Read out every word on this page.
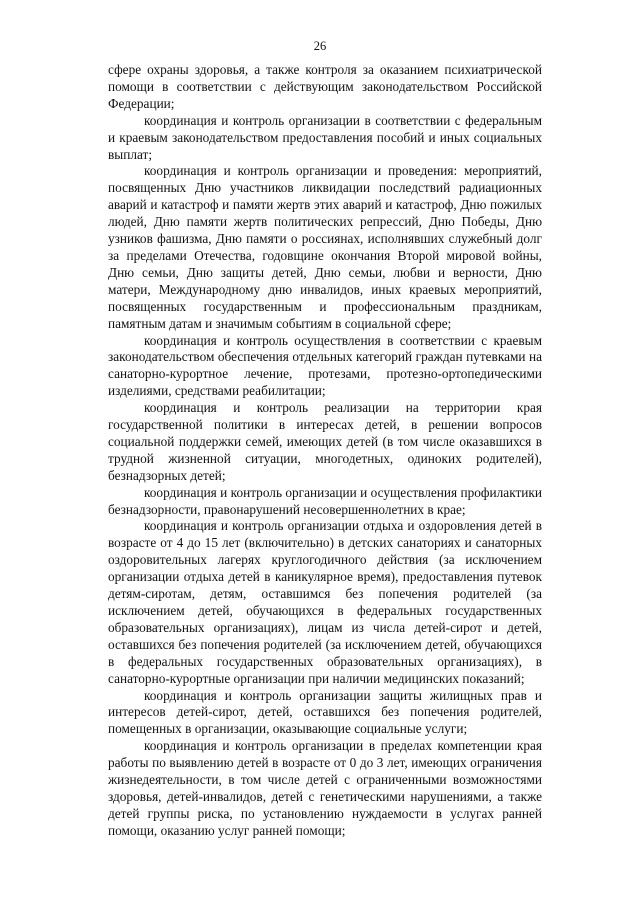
26

сфере охраны здоровья, а также контроля за оказанием психиатрической помощи в соответствии с действующим законодательством Российской Федерации;

координация и контроль организации в соответствии с федеральным и краевым законодательством предоставления пособий и иных социальных выплат;

координация и контроль организации и проведения: мероприятий, посвященных Дню участников ликвидации последствий радиационных аварий и катастроф и памяти жертв этих аварий и катастроф, Дню пожилых людей, Дню памяти жертв политических репрессий, Дню Победы, Дню узников фашизма, Дню памяти о россиянах, исполнявших служебный долг за пределами Отечества, годовщине окончания Второй мировой войны, Дню семьи, Дню защиты детей, Дню семьи, любви и верности, Дню матери, Международному дню инвалидов, иных краевых мероприятий, посвященных государственным и профессиональным праздникам, памятным датам и значимым событиям в социальной сфере;

координация и контроль осуществления в соответствии с краевым законодательством обеспечения отдельных категорий граждан путевками на санаторно-курортное лечение, протезами, протезно-ортопедическими изделиями, средствами реабилитации;

координация и контроль реализации на территории края государственной политики в интересах детей, в решении вопросов социальной поддержки семей, имеющих детей (в том числе оказавшихся в трудной жизненной ситуации, многодетных, одиноких родителей), безнадзорных детей;

координация и контроль организации и осуществления профилактики безнадзорности, правонарушений несовершеннолетних в крае;

координация и контроль организации отдыха и оздоровления детей в возрасте от 4 до 15 лет (включительно) в детских санаториях и санаторных оздоровительных лагерях круглогодичного действия (за исключением организации отдыха детей в каникулярное время), предоставления путевок детям-сиротам, детям, оставшимся без попечения родителей (за исключением детей, обучающихся в федеральных государственных образовательных организациях), лицам из числа детей-сирот и детей, оставшихся без попечения родителей (за исключением детей, обучающихся в федеральных государственных образовательных организациях), в санаторно-курортные организации при наличии медицинских показаний;

координация и контроль организации защиты жилищных прав и интересов детей-сирот, детей, оставшихся без попечения родителей, помещенных в организации, оказывающие социальные услуги;

координация и контроль организации в пределах компетенции края работы по выявлению детей в возрасте от 0 до 3 лет, имеющих ограничения жизнедеятельности, в том числе детей с ограниченными возможностями здоровья, детей-инвалидов, детей с генетическими нарушениями, а также детей группы риска, по установлению нуждаемости в услугах ранней помощи, оказанию услуг ранней помощи;
